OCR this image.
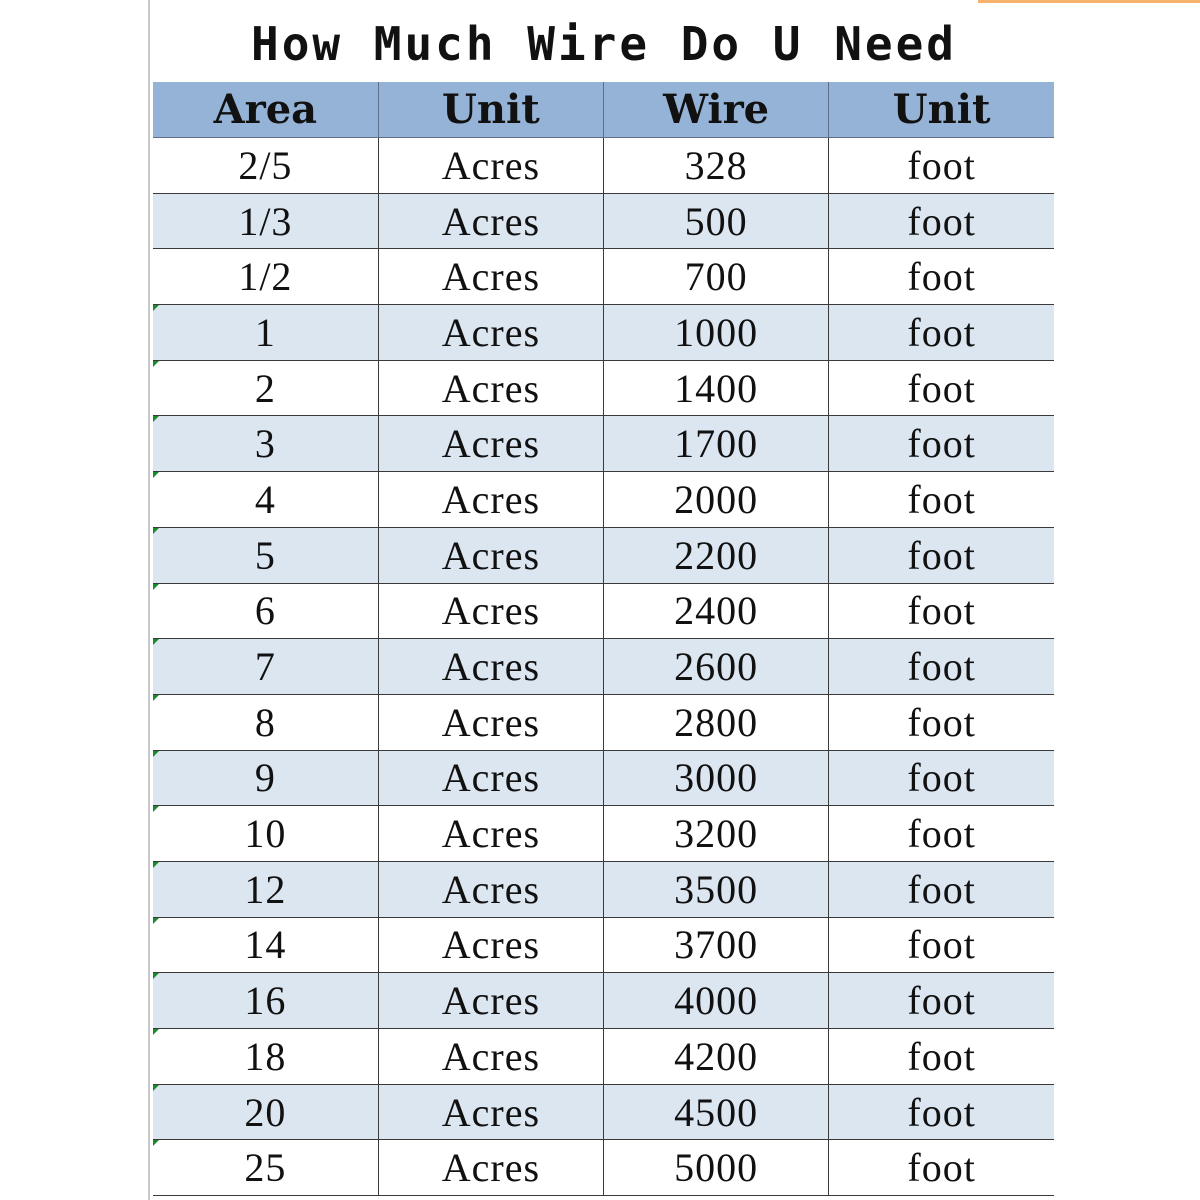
How Much Wire Do U Need
Area	Unit	Wire	Unit
2/5	Acres	328	foot
1/3	Acres	500	foot
1/2	Acres	700	foot
1	Acres	1000	foot
2	Acres	1400	foot
3	Acres	1700	foot
4	Acres	2000	foot
5	Acres	2200	foot
6	Acres	2400	foot
7	Acres	2600	foot
8	Acres	2800	foot
9	Acres	3000	foot
10	Acres	3200	foot
12	Acres	3500	foot
14	Acres	3700	foot
16	Acres	4000	foot
18	Acres	4200	foot
20	Acres	4500	foot
25	Acres	5000	foot
